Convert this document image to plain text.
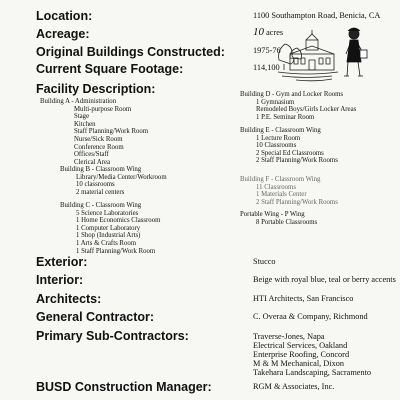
Location:	1100 Southampton Road, Benicia, CA
Acreage:	10 acres
Original Buildings Constructed:	1975-76
Current Square Footage:	114,100
Facility Description:
Building A - Administration
Multi-purpose Room
Stage
Kitchen
Staff Planning/Work Room
Nurse/Sick Room
Conference Room
Offices/Staff
Clerical Area
Building B - Classroom Wing
Library/Media Center/Workroom
10 classrooms
2 material centers
Building C - Classroom Wing
5 Science Laboratories
1 Home Economics Classroom
1 Computer Laboratory
1 Shop (Industrial Arts)
1 Arts & Crafts Room
1 Staff Planning/Work Room
Building D - Gym and Locker Rooms
1 Gymnasium
Remodeled Boys/Girls Locker Areas
1 P.E. Seminar Room
Building E - Classroom Wing
1 Lecture Room
10 Classrooms
2 Special Ed Classrooms
2 Staff Planning/Work Rooms
Building F - Classroom Wing
11 Classrooms
1 Materials Center
2 Staff Planning/Work Rooms
Portable Wing - P Wing
8 Portable Classrooms
Exterior:	Stucco
Interior:	Beige with royal blue, teal or berry accents
Architects:	HTI Architects, San Francisco
General Contractor:	C. Overaa & Company, Richmond
Primary Sub-Contractors:	Traverse-Jones, Napa
Electrical Services, Oakland
Enterprise Roofing, Concord
M & M Mechanical, Dixon
Takehara Landscaping, Sacramento
BUSD Construction Manager:	RGM & Associates, Inc.
